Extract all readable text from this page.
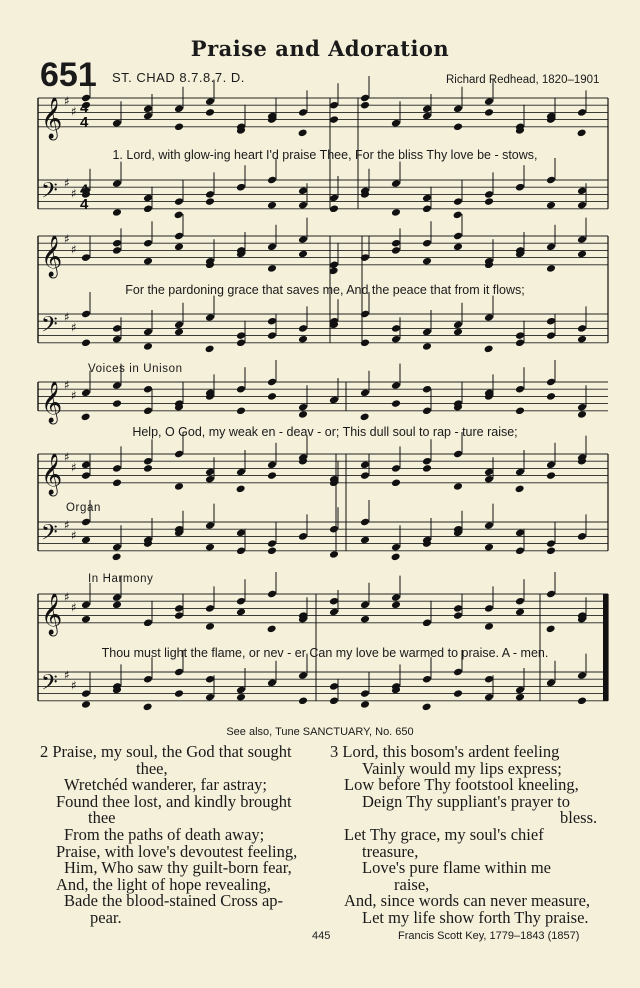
Praise and Adoration
651 ST. CHAD 8.7.8.7. D.	Richard Redhead, 1820–1901
𝄞 ♯
♯
𝄢 ♯
♯
𝄞 ♯
♯
𝄢 ♯
♯
𝄞 ♯
♯
𝄞 ♯
♯
𝄢 ♯
♯
𝄞 ♯
♯
𝄢 ♯
♯
4
4
4
4
1. Lord, with glow-ing heart I'd praise Thee, For the bliss Thy love be - stows,
For the pardoning grace that saves me, And the peace that from it flows;
Voices in Unison
Help, O God, my weak en - deav - or; This dull soul to rap - ture raise;
Organ
In Harmony
Thou must light the flame, or nev - er Can my love be warmed to praise. A - men.
See also, Tune SANCTUARY, No. 650
2 Praise, my soul, the God that sought
thee,
Wretchéd wanderer, far astray;
Found thee lost, and kindly brought
thee
From the paths of death away;
Praise, with love's devoutest feeling,
Him, Who saw thy guilt-born fear,
And, the light of hope revealing,
Bade the blood-stained Cross ap-
pear.
3 Lord, this bosom's ardent feeling
Vainly would my lips express;
Low before Thy footstool kneeling,
Deign Thy suppliant's prayer to
bless.
Let Thy grace, my soul's chief
treasure,
Love's pure flame within me
raise,
And, since words can never measure,
Let my life show forth Thy praise.
445	Francis Scott Key, 1779–1843 (1857)
